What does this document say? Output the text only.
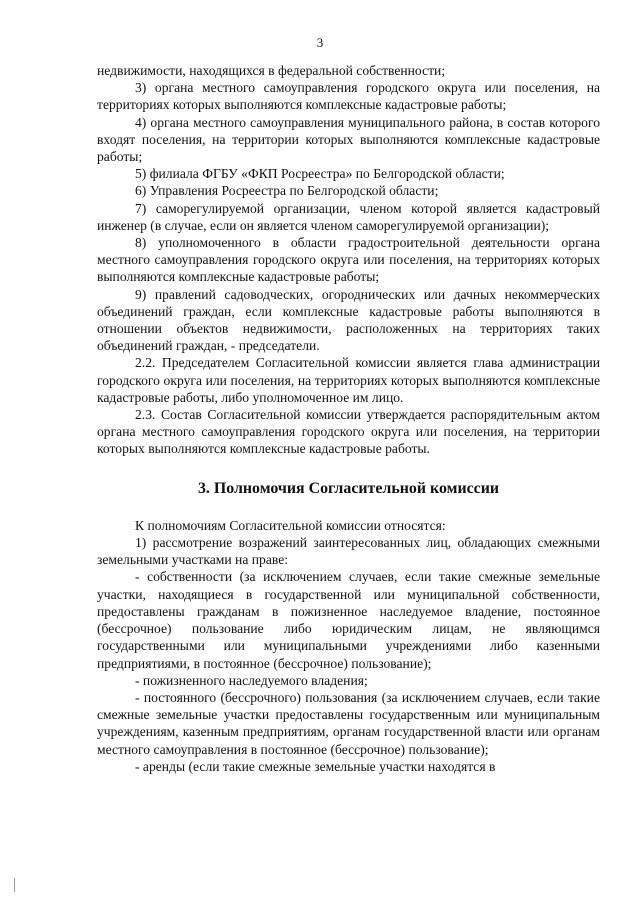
3

недвижимости, находящихся в федеральной собственности;

3) органа местного самоуправления городского округа или поселения, на территориях которых выполняются комплексные кадастровые работы;

4) органа местного самоуправления муниципального района, в состав которого входят поселения, на территории которых выполняются комплексные кадастровые работы;

5) филиала ФГБУ «ФКП Росреестра» по Белгородской области;

6) Управления Росреестра по Белгородской области;

7) саморегулируемой организации, членом которой является кадастровый инженер (в случае, если он является членом саморегулируемой организации);

8) уполномоченного в области градостроительной деятельности органа местного самоуправления городского округа или поселения, на территориях которых выполняются комплексные кадастровые работы;

9) правлений садоводческих, огороднических или дачных некоммерческих объединений граждан, если комплексные кадастровые работы выполняются в отношении объектов недвижимости, расположенных на территориях таких объединений граждан, - председатели.

2.2. Председателем Согласительной комиссии является глава администрации городского округа или поселения, на территориях которых выполняются комплексные кадастровые работы, либо уполномоченное им лицо.

2.3. Состав Согласительной комиссии утверждается распорядительным актом органа местного самоуправления городского округа или поселения, на территории которых выполняются комплексные кадастровые работы.

3. Полномочия Согласительной комиссии

К полномочиям Согласительной комиссии относятся:

1) рассмотрение возражений заинтересованных лиц, обладающих смежными земельными участками на праве:

- собственности (за исключением случаев, если такие смежные земельные участки, находящиеся в государственной или муниципальной собственности, предоставлены гражданам в пожизненное наследуемое владение, постоянное (бессрочное) пользование либо юридическим лицам, не являющимся государственными или муниципальными учреждениями либо казенными предприятиями, в постоянное (бессрочное) пользование);

- пожизненного наследуемого владения;

- постоянного (бессрочного) пользования (за исключением случаев, если такие смежные земельные участки предоставлены государственным или муниципальным учреждениям, казенным предприятиям, органам государственной власти или органам местного самоуправления в постоянное (бессрочное) пользование);

- аренды (если такие смежные земельные участки находятся в
